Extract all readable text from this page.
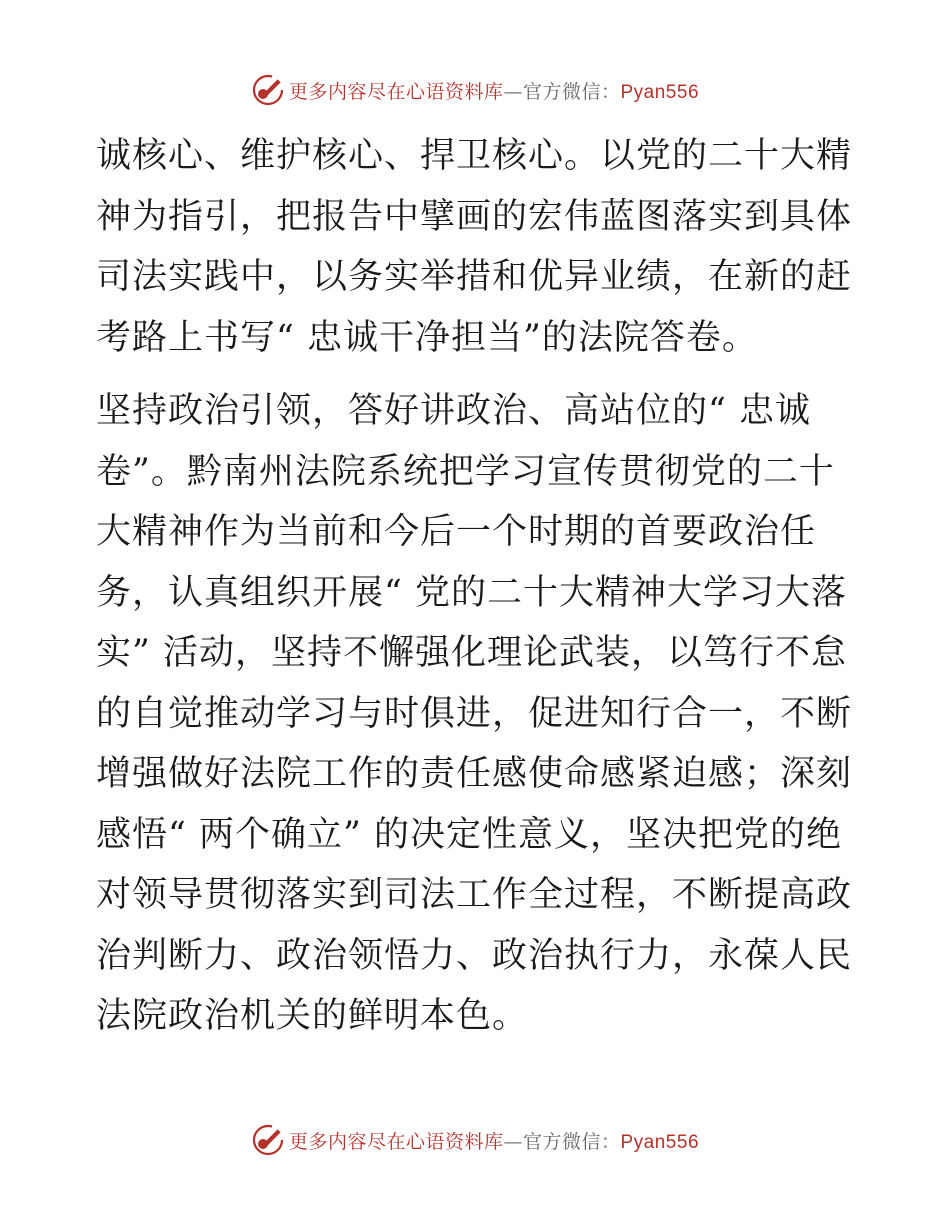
更多内容尽在心语资料库—官方微信：Pyan556

诚核心、维护核心、捍卫核心。以党的二十大精神为指引，把报告中擘画的宏伟蓝图落实到具体司法实践中，以务实举措和优异业绩，在新的赶考路上书写“ 忠诚干净担当”的法院答卷。

坚持政治引领，答好讲政治、高站位的“ 忠诚卷”。黔南州法院系统把学习宣传贯彻党的二十大精神作为当前和今后一个时期的首要政治任务，认真组织开展“ 党的二十大精神大学习大落实” 活动，坚持不懈强化理论武装，以笃行不怠的自觉推动学习与时俱进，促进知行合一，不断增强做好法院工作的责任感使命感紧迫感；深刻感悟“ 两个确立” 的决定性意义，坚决把党的绝对领导贯彻落实到司法工作全过程，不断提高政治判断力、政治领悟力、政治执行力，永葆人民法院政治机关的鲜明本色。

更多内容尽在心语资料库—官方微信：Pyan556
